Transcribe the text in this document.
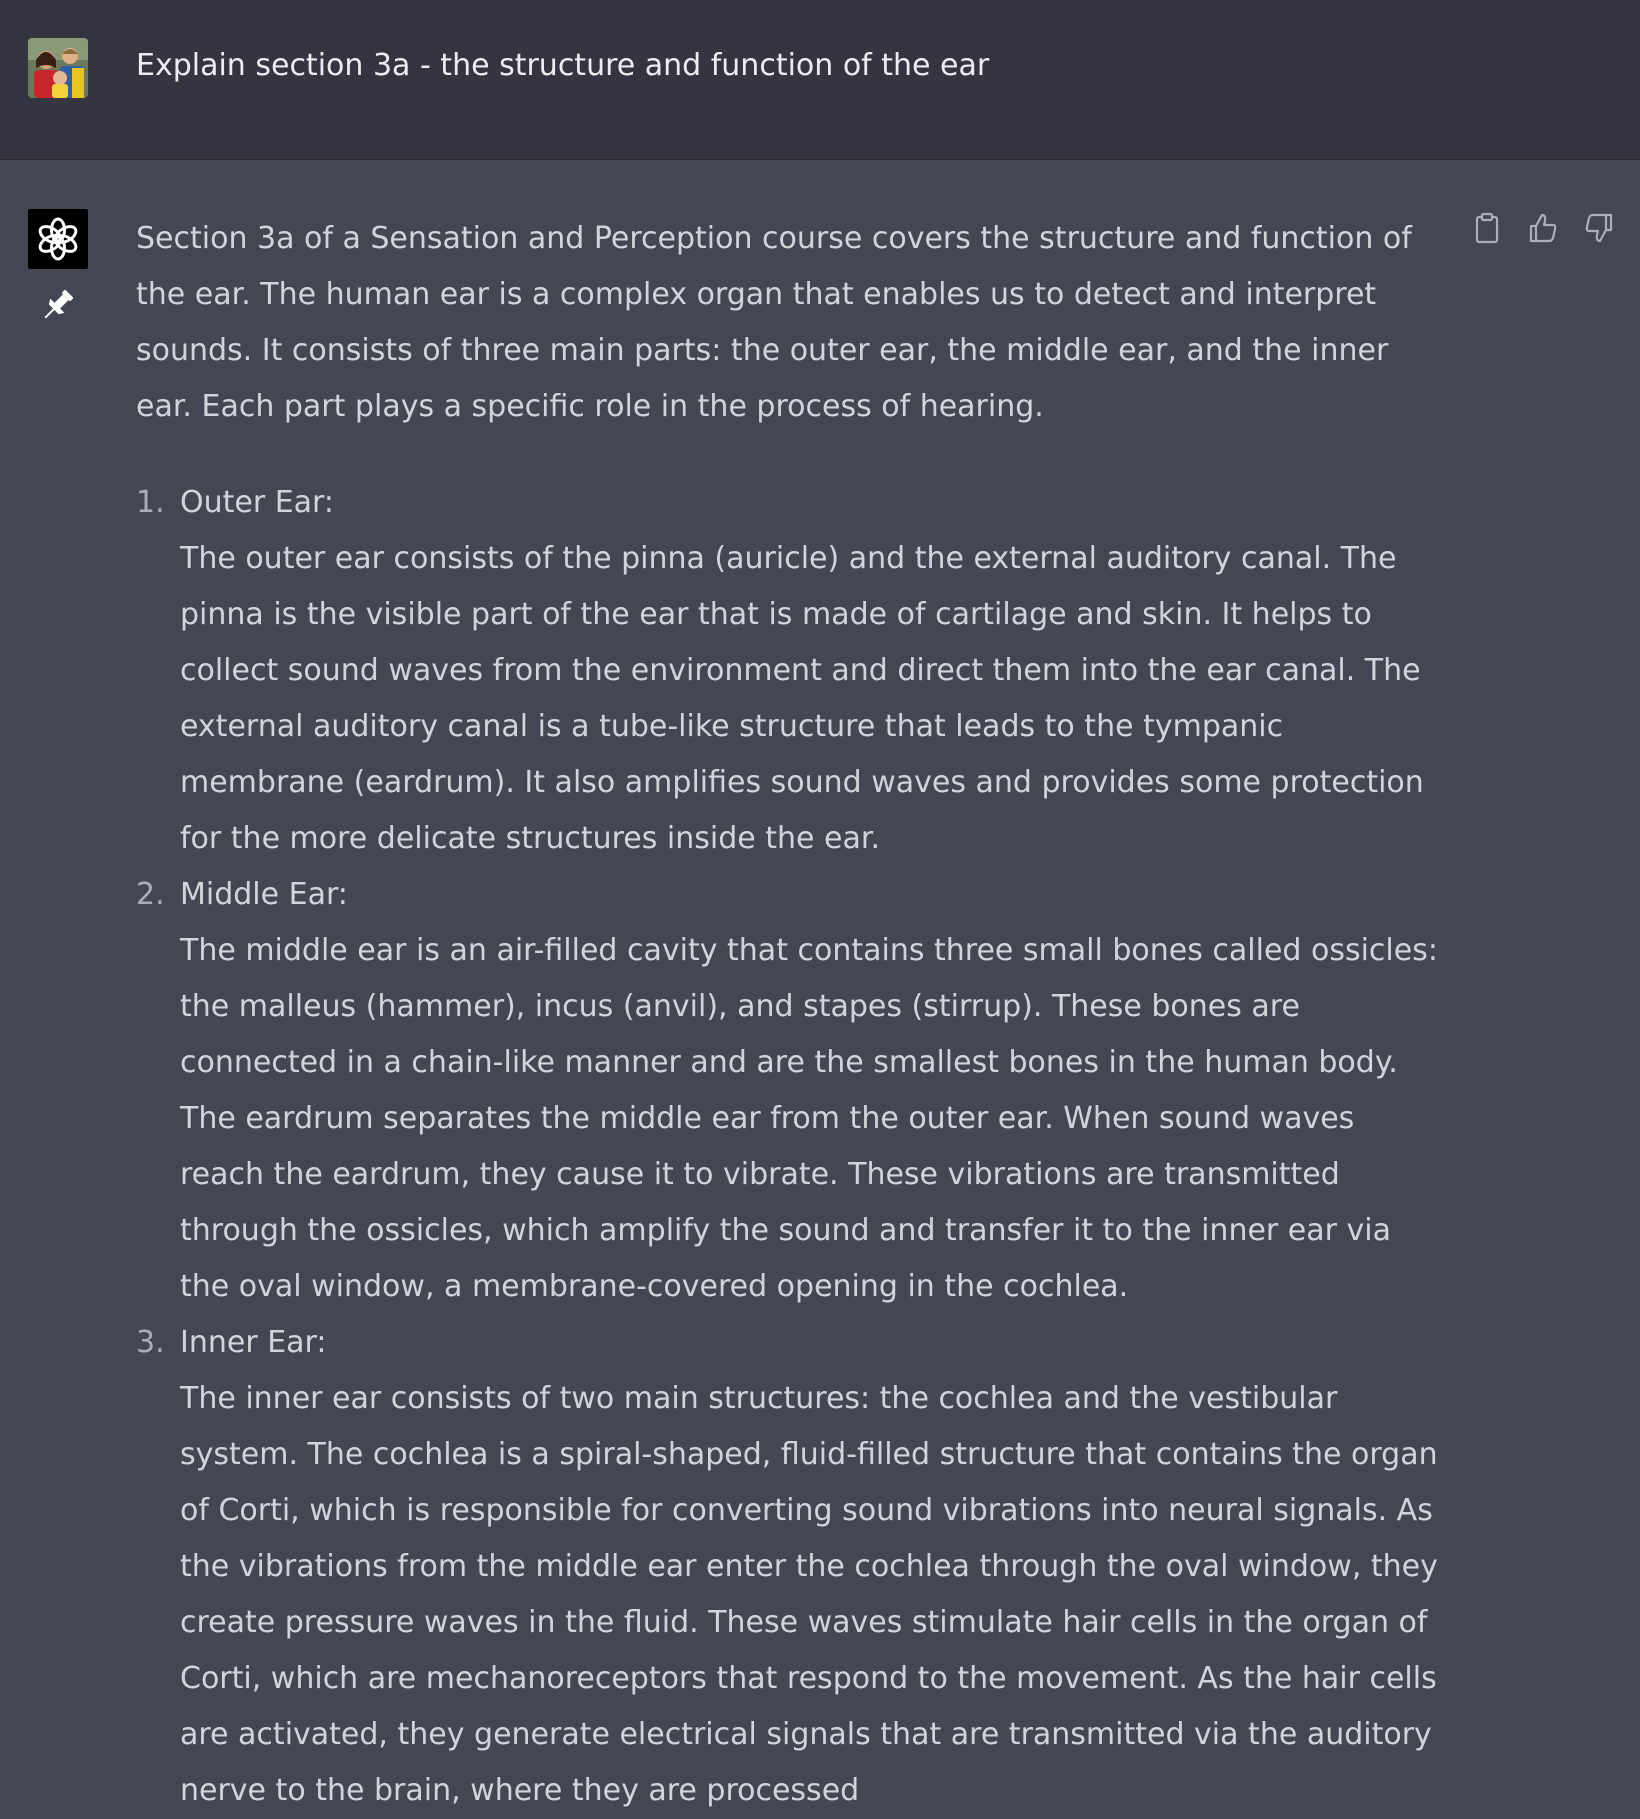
Explain section 3a - the structure and function of the ear

Section 3a of a Sensation and Perception course covers the structure and function of the ear. The human ear is a complex organ that enables us to detect and interpret sounds. It consists of three main parts: the outer ear, the middle ear, and the inner ear. Each part plays a specific role in the process of hearing.

1. Outer Ear:
The outer ear consists of the pinna (auricle) and the external auditory canal. The pinna is the visible part of the ear that is made of cartilage and skin. It helps to collect sound waves from the environment and direct them into the ear canal. The external auditory canal is a tube-like structure that leads to the tympanic membrane (eardrum). It also amplifies sound waves and provides some protection for the more delicate structures inside the ear.
2. Middle Ear:
The middle ear is an air-filled cavity that contains three small bones called ossicles: the malleus (hammer), incus (anvil), and stapes (stirrup). These bones are connected in a chain-like manner and are the smallest bones in the human body. The eardrum separates the middle ear from the outer ear. When sound waves reach the eardrum, they cause it to vibrate. These vibrations are transmitted through the ossicles, which amplify the sound and transfer it to the inner ear via the oval window, a membrane-covered opening in the cochlea.
3. Inner Ear:
The inner ear consists of two main structures: the cochlea and the vestibular system. The cochlea is a spiral-shaped, fluid-filled structure that contains the organ of Corti, which is responsible for converting sound vibrations into neural signals. As the vibrations from the middle ear enter the cochlea through the oval window, they create pressure waves in the fluid. These waves stimulate hair cells in the organ of Corti, which are mechanoreceptors that respond to the movement. As the hair cells are activated, they generate electrical signals that are transmitted via the auditory nerve to the brain, where they are processed
